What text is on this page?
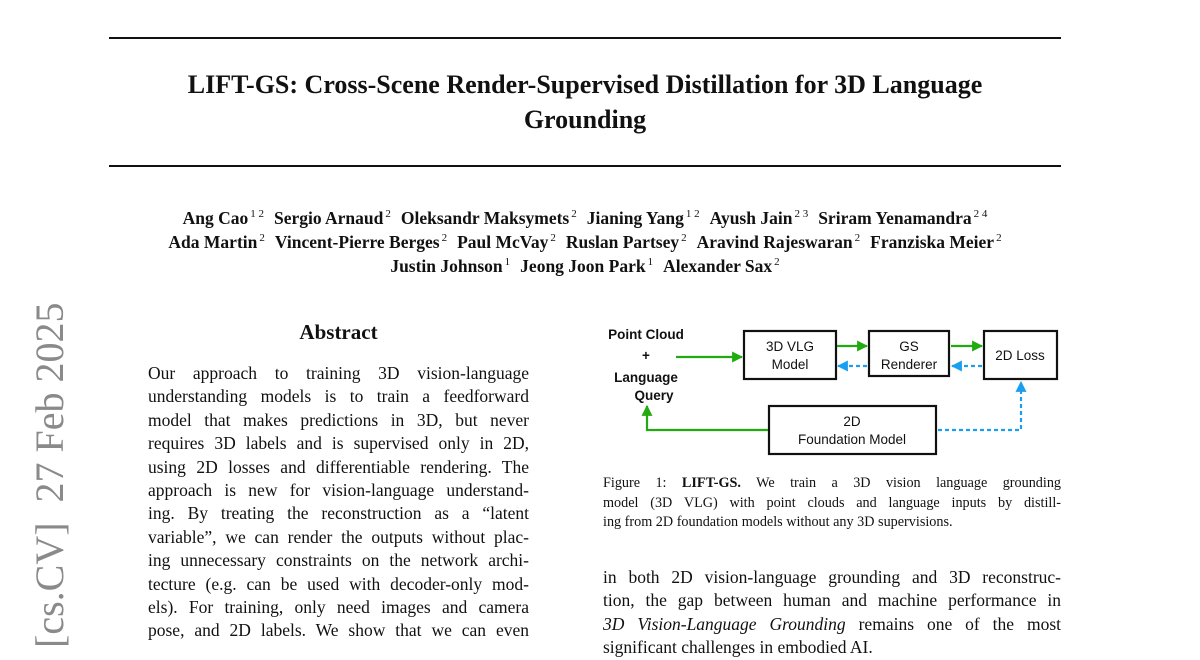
LIFT-GS: Cross-Scene Render-Supervised Distillation for 3D Language
Grounding
Ang Cao $^{1 2}$ Sergio Arnaud $^2$ Oleksandr Maksymets $^2$ Jianing Yang $^{1 2}$ Ayush Jain $^{2 3}$ Sriram Yenamandra $^{2 4}$
Ada Martin $^2$ Vincent-Pierre Berges $^2$ Paul McVay $^2$ Ruslan Partsey $^2$ Aravind Rajeswaran $^2$ Franziska Meier $^2$
Justin Johnson $^1$ Jeong Joon Park $^1$ Alexander Sax $^2$
[cs.CV]  27 Feb 2025	Abstract
Our approach to training 3D vision-language
understanding models is to train a feedforward
model that makes predictions in 3D, but never
requires 3D labels and is supervised only in 2D,
using 2D losses and differentiable rendering. The
approach is new for vision-language understand-
ing. By treating the reconstruction as a “latent
variable”, we can render the outputs without plac-
ing unnecessary constraints on the network archi-
tecture (e.g. can be used with decoder-only mod-
els). For training, only need images and camera
pose, and 2D labels. We show that we can even
Point Cloud
+
Language
Query
3D VLG
Model
GS
Renderer
2D Loss
2D
Foundation Model
Figure 1: LIFT-GS. We train a 3D vision language grounding
model (3D VLG) with point clouds and language inputs by distill-
ing from 2D foundation models without any 3D supervisions.
in both 2D vision-language grounding and 3D reconstruc-
tion, the gap between human and machine performance in
3D Vision-Language Grounding remains one of the most
significant challenges in embodied AI.
